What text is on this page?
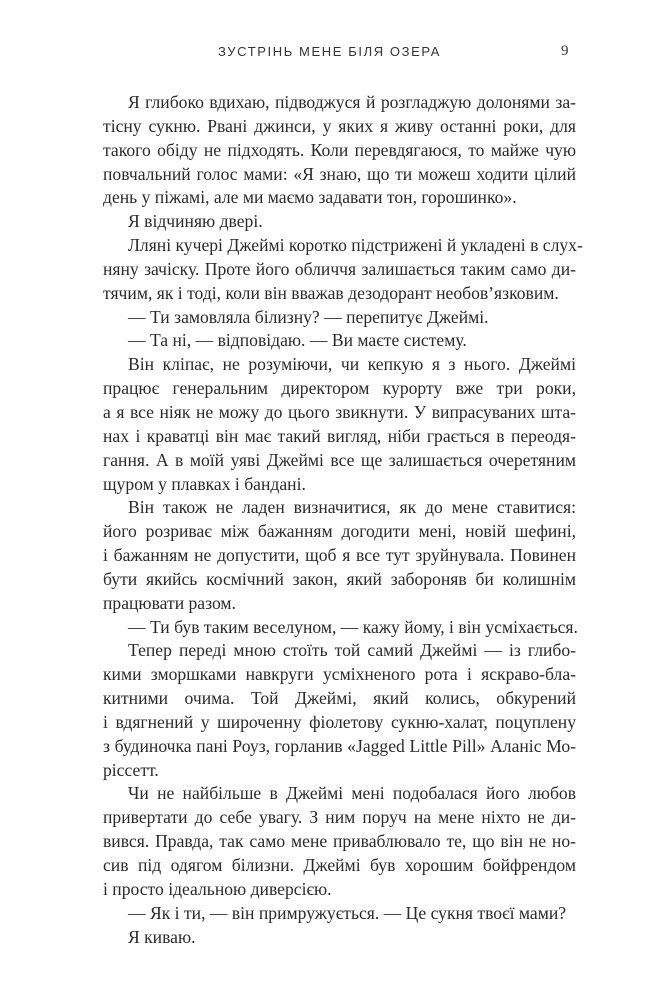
ЗУСТРІНЬ МЕНЕ БІЛЯ ОЗЕРА	9
Я глибоко вдихаю, підводжуся й розгладжую долонями за-
тісну сукню. Рвані джинси, у яких я живу останні роки, для
такого обіду не підходять. Коли перевдягаюся, то майже чую
повчальний голос мами: «Я знаю, що ти можеш ходити цілий
день у піжамі, але ми маємо задавати тон, горошинко».
Я відчиняю двері.
Лляні кучері Джеймі коротко підстрижені й укладені в слух-
няну зачіску. Проте його обличчя залишається таким само ди-
тячим, як і тоді, коли він вважав дезодорант необов’язковим.
— Ти замовляла білизну? — перепитує Джеймі.
— Та ні, — відповідаю. — Ви маєте систему.
Він кліпає, не розуміючи, чи кепкую я з нього. Джеймі
працює генеральним директором курорту вже три роки,
а я все ніяк не можу до цього звикнути. У випрасуваних шта-
нах і краватці він має такий вигляд, ніби грається в переодя-
гання. А в моїй уяві Джеймі все ще залишається очеретяним
щуром у плавках і бандані.
Він також не ладен визначитися, як до мене ставитися:
його розриває між бажанням догодити мені, новій шефині,
і бажанням не допустити, щоб я все тут зруйнувала. Повинен
бути якийсь космічний закон, який забороняв би колишнім
працювати разом.
— Ти був таким веселуном, — кажу йому, і він усміхається.
Тепер переді мною стоїть той самий Джеймі — із глибо-
кими зморшками навкруги усміхненого рота і яскраво-бла-
китними очима. Той Джеймі, який колись, обкурений
і вдягнений у широченну фіолетову сукню-халат, поцуплену
з будиночка пані Роуз, горланив «Jagged Little Pill» Аланіс Мо-
ріссетт.
Чи не найбільше в Джеймі мені подобалася його любов
привертати до себе увагу. З ним поруч на мене ніхто не ди-
вився. Правда, так само мене приваблювало те, що він не но-
сив під одягом білизни. Джеймі був хорошим бойфрендом
і просто ідеальною диверсією.
— Як і ти, — він примружується. — Це сукня твоєї мами?
Я киваю.
